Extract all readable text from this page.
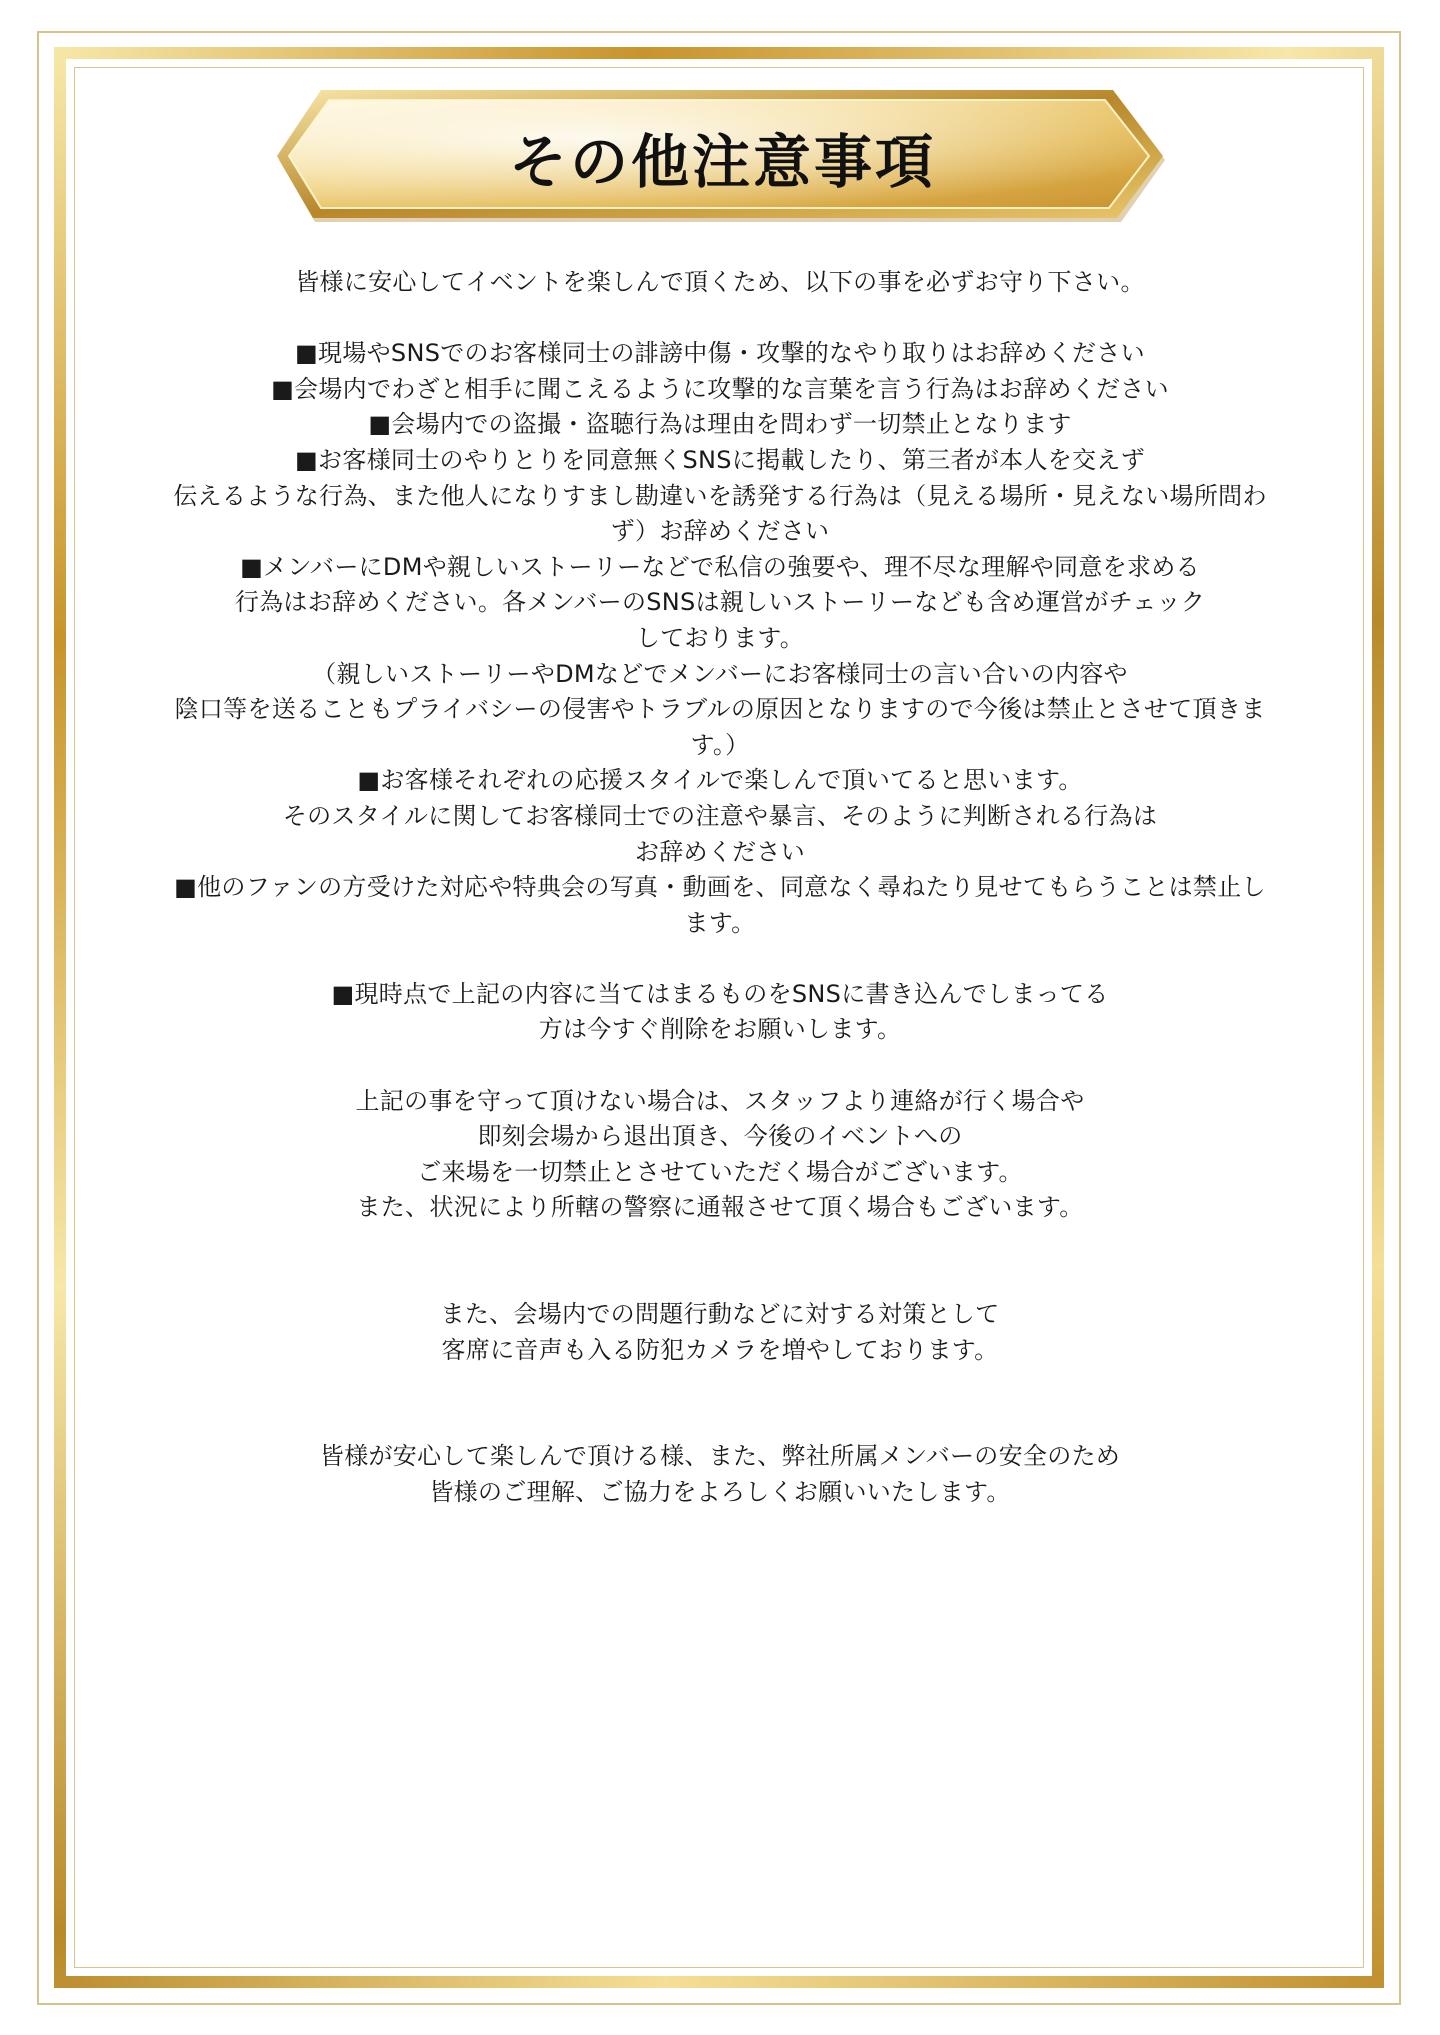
その他注意事項
皆様に安心してイベントを楽しんで頂くため、以下の事を必ずお守り下さい。
■現場やSNSでのお客様同士の誹謗中傷・攻撃的なやり取りはお辞めください
■会場内でわざと相手に聞こえるように攻撃的な言葉を言う行為はお辞めください
■会場内での盗撮・盗聴行為は理由を問わず一切禁止となります
■お客様同士のやりとりを同意無くSNSに掲載したり、第三者が本人を交えず
伝えるような行為、また他人になりすまし勘違いを誘発する行為は（見える場所・見えない場所問わ
ず）お辞めください
■メンバーにDMや親しいストーリーなどで私信の強要や、理不尽な理解や同意を求める
行為はお辞めください。各メンバーのSNSは親しいストーリーなども含め運営がチェック
しております。
（親しいストーリーやDMなどでメンバーにお客様同士の言い合いの内容や
陰口等を送ることもプライバシーの侵害やトラブルの原因となりますので今後は禁止とさせて頂きま
す。）
■お客様それぞれの応援スタイルで楽しんで頂いてると思います。
そのスタイルに関してお客様同士での注意や暴言、そのように判断される行為は
お辞めください
■他のファンの方受けた対応や特典会の写真・動画を、同意なく尋ねたり見せてもらうことは禁止し
ます。
■現時点で上記の内容に当てはまるものをSNSに書き込んでしまってる
方は今すぐ削除をお願いします。
上記の事を守って頂けない場合は、スタッフより連絡が行く場合や
即刻会場から退出頂き、今後のイベントへの
ご来場を一切禁止とさせていただく場合がございます。
また、状況により所轄の警察に通報させて頂く場合もございます。
また、会場内での問題行動などに対する対策として
客席に音声も入る防犯カメラを増やしております。
皆様が安心して楽しんで頂ける様、また、弊社所属メンバーの安全のため
皆様のご理解、ご協力をよろしくお願いいたします。
